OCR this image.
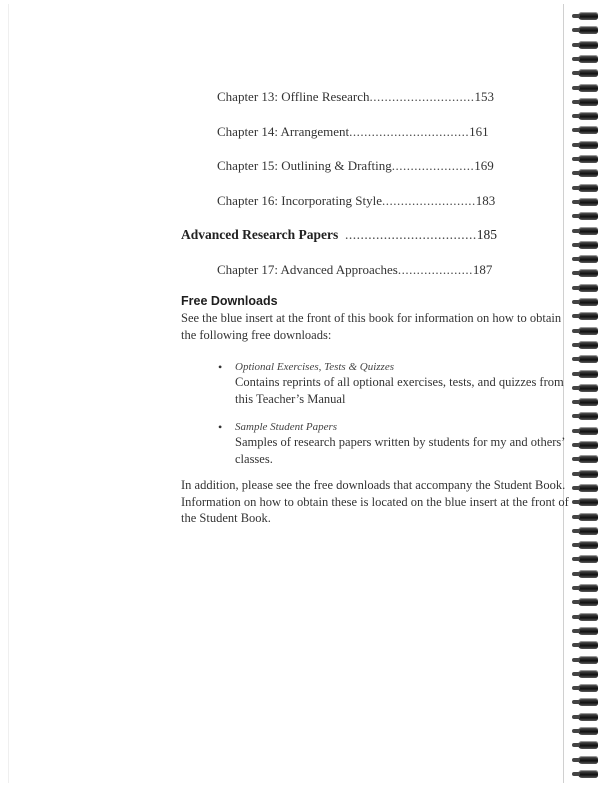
Chapter 13: Offline Research............................153
Chapter 14: Arrangement................................161
Chapter 15: Outlining & Drafting......................169
Chapter 16: Incorporating Style.........................183
Advanced Research Papers ..................................185
Chapter 17: Advanced Approaches....................187
Free Downloads
See the blue insert at the front of this book for information on how to obtain
the following free downloads:
• Optional Exercises, Tests & Quizzes
Contains reprints of all optional exercises, tests, and quizzes from
this Teacher’s Manual
• Sample Student Papers
Samples of research papers written by students for my and others’
classes.
In addition, please see the free downloads that accompany the Student Book.
Information on how to obtain these is located on the blue insert at the front of
the Student Book.
